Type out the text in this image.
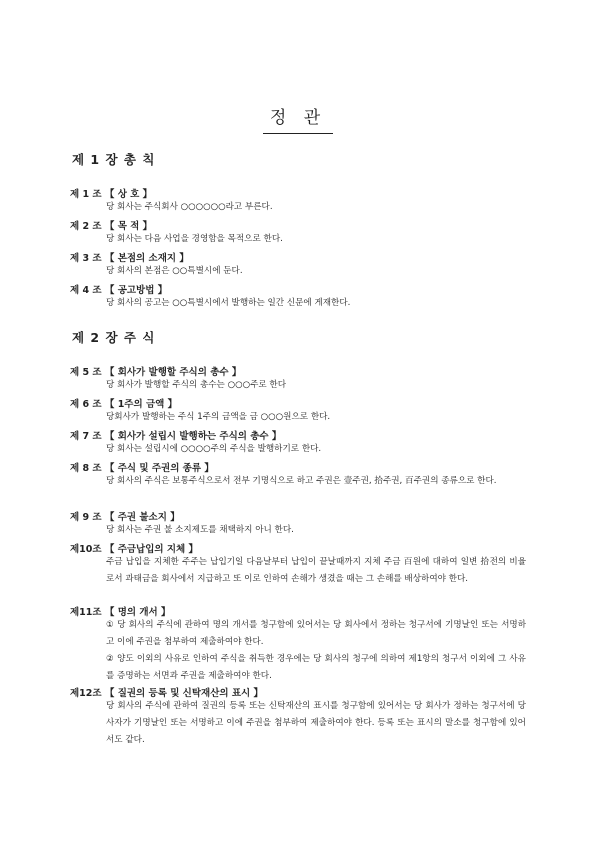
정 관
제 1 장 총 칙
제 1 조 【 상 호 】

당 회사는 주식회사 ○○○○○○라고 부른다.

제 2 조 【 목 적 】

당 회사는 다음 사업을 경영함을 목적으로 한다.

제 3 조 【 본점의 소재지 】

당 회사의 본점은 ○○특별시에 둔다.

제 4 조 【 공고방법 】

당 회사의 공고는 ○○특별시에서 발행하는 일간 신문에 게재한다.

제 2 장 주 식
제 5 조 【 회사가 발행할 주식의 총수 】

당 회사가 발행할 주식의 총수는 ○○○주로 한다

제 6 조 【 1주의 금액 】

당회사가 발행하는 주식 1주의 금액을 금 ○○○원으로 한다.

제 7 조 【 회사가 설립시 발행하는 주식의 총수 】

당 회사는 설립시에 ○○○○주의 주식을 발행하기로 한다.

제 8 조 【 주식 및 주권의 종류 】

당 회사의 주식은 보통주식으로서 전부 기명식으로 하고 주권은 壹주권, 拾주권, 百주권의 종류으로 한다.

제 9 조 【 주권 불소지 】

당 회사는 주권 불 소지제도를 채택하지 아니 한다.

제10조 【 주금납입의 지체 】

주금 납입을 지체한 주주는 납입기일 다음날부터 납입이 끝날때까지 지체 주금 百원에 대하여 일변 拾전의 비율로서 과태금을 회사에서 지급하고 또 이로 인하여 손해가 생겼을 때는 그 손해를 배상하여야 한다.

제11조 【 명의 개서 】

① 당 회사의 주식에 관하여 명의 개서를 청구함에 있어서는 당 회사에서 정하는 청구서에 기명날인 또는 서명하고 이에 주권을 첨부하여 제출하여야 한다.

② 양도 이외의 사유로 인하여 주식을 취득한 경우에는 당 회사의 청구에 의하여 제1항의 청구서 이외에 그 사유를 증명하는 서면과 주권을 제출하여야 한다.

제12조 【 질권의 등록 및 신탁재산의 표시 】

당 회사의 주식에 관하여 질권의 등록 또는 신탁재산의 표시를 청구함에 있어서는 당 회사가 정하는 청구서에 당사자가 기명날인 또는 서명하고 이에 주권을 첨부하여 제출하여야 한다. 등록 또는 표시의 말소를 청구함에 있어서도 같다.
